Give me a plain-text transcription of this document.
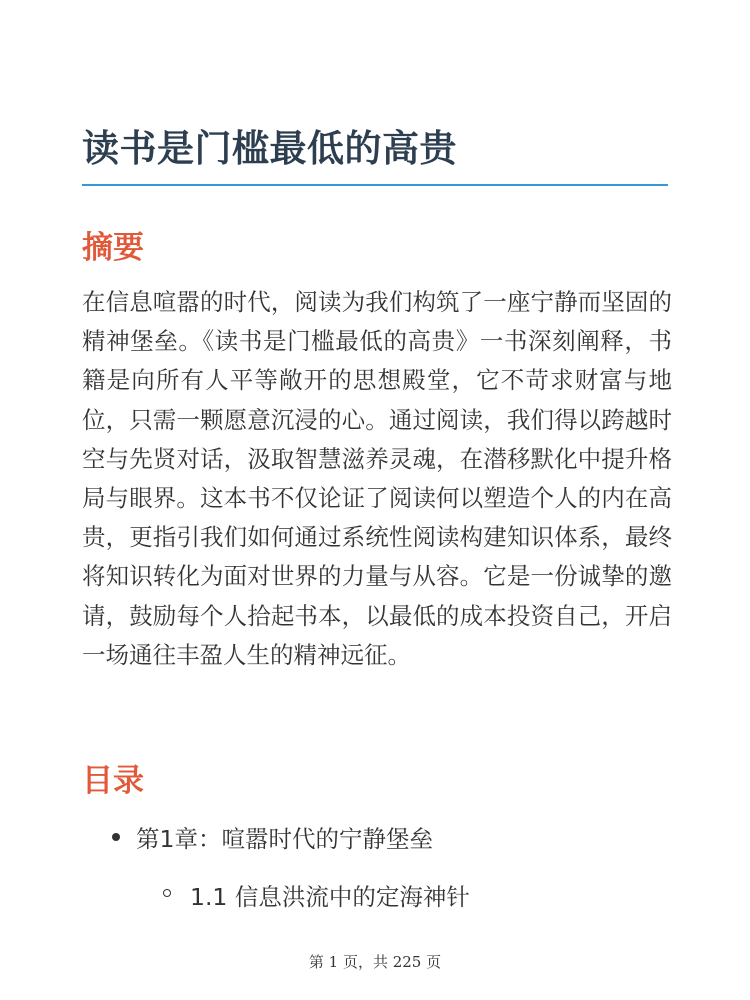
读书是门槛最低的高贵
摘要

在信息喧嚣的时代，阅读为我们构筑了一座宁静而坚固的精神堡垒。《读书是门槛最低的高贵》一书深刻阐释，书籍是向所有人平等敞开的思想殿堂，它不苛求财富与地位，只需一颗愿意沉浸的心。通过阅读，我们得以跨越时空与先贤对话，汲取智慧滋养灵魂，在潜移默化中提升格局与眼界。这本书不仅论证了阅读何以塑造个人的内在高贵，更指引我们如何通过系统性阅读构建知识体系，最终将知识转化为面对世界的力量与从容。它是一份诚挚的邀请，鼓励每个人拾起书本，以最低的成本投资自己，开启一场通往丰盈人生的精神远征。

目录
第1章：喧嚣时代的宁静堡垒
1.1 信息洪流中的定海神针
第 1 页，共 225 页
